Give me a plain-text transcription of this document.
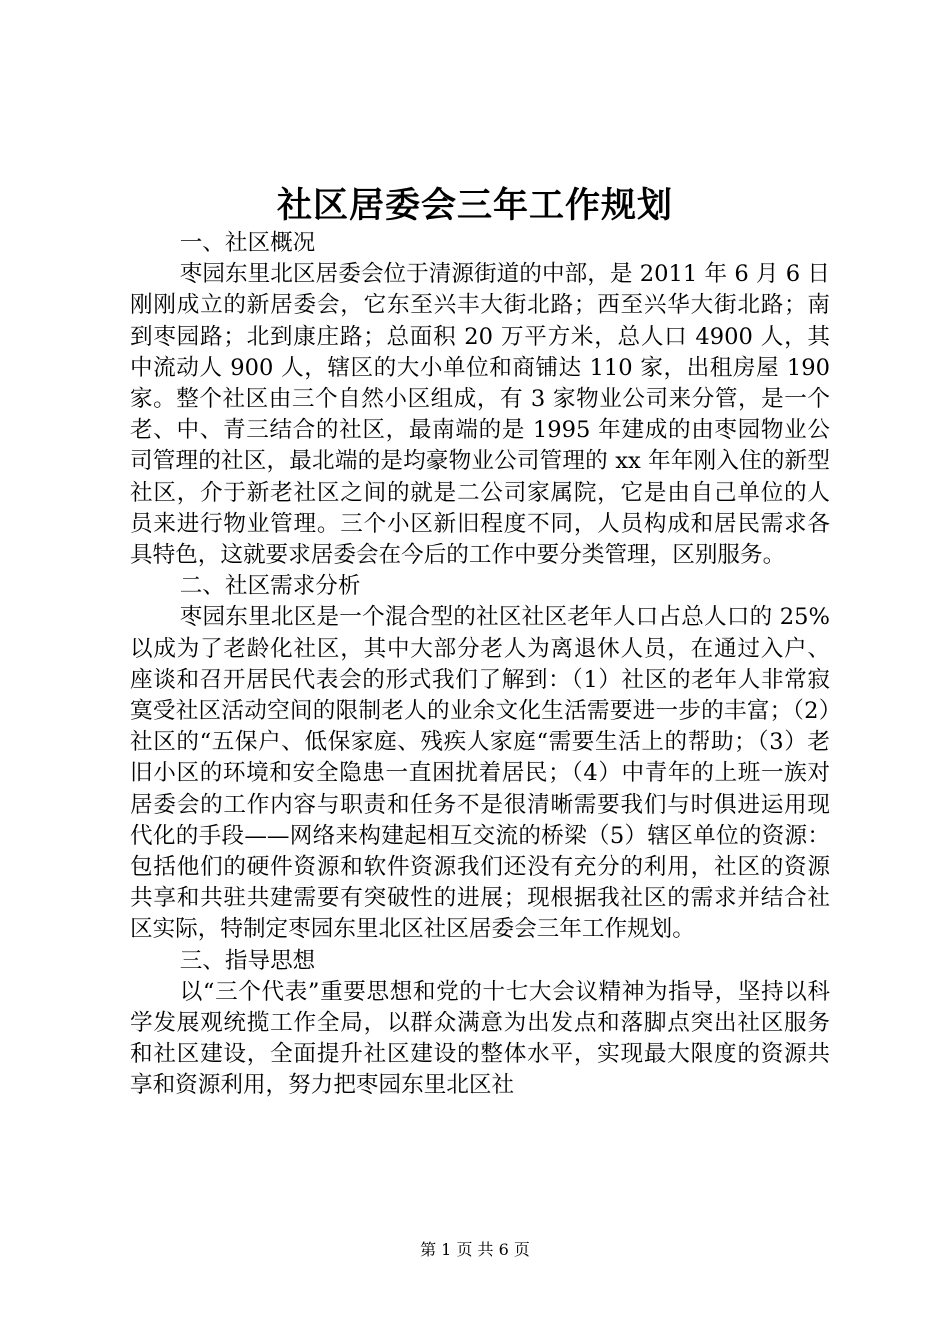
社区居委会三年工作规划

一、社区概况

枣园东里北区居委会位于清源街道的中部，是 2011 年 6 月 6 日刚刚成立的新居委会，它东至兴丰大街北路；西至兴华大街北路；南到枣园路；北到康庄路；总面积 20 万平方米，总人口 4900 人，其中流动人 900 人，辖区的大小单位和商铺达 110 家，出租房屋 190 家。整个社区由三个自然小区组成，有 3 家物业公司来分管，是一个老、中、青三结合的社区，最南端的是 1995 年建成的由枣园物业公司管理的社区，最北端的是均豪物业公司管理的 xx 年年刚入住的新型社区，介于新老社区之间的就是二公司家属院，它是由自己单位的人员来进行物业管理。三个小区新旧程度不同，人员构成和居民需求各具特色，这就要求居委会在今后的工作中要分类管理，区别服务。

二、社区需求分析

枣园东里北区是一个混合型的社区社区老年人口占总人口的 25%以成为了老龄化社区，其中大部分老人为离退休人员，在通过入户、座谈和召开居民代表会的形式我们了解到：（1）社区的老年人非常寂寞受社区活动空间的限制老人的业余文化生活需要进一步的丰富；（2）社区的“五保户、低保家庭、残疾人家庭“需要生活上的帮助；（3）老旧小区的环境和安全隐患一直困扰着居民；（4）中青年的上班一族对居委会的工作内容与职责和任务不是很清晰需要我们与时俱进运用现代化的手段——网络来构建起相互交流的桥梁（5）辖区单位的资源：包括他们的硬件资源和软件资源我们还没有充分的利用，社区的资源共享和共驻共建需要有突破性的进展；现根据我社区的需求并结合社区实际，特制定枣园东里北区社区居委会三年工作规划。

三、指导思想

以“三个代表”重要思想和党的十七大会议精神为指导，坚持以科学发展观统揽工作全局，以群众满意为出发点和落脚点突出社区服务和社区建设，全面提升社区建设的整体水平，实现最大限度的资源共享和资源利用，努力把枣园东里北区社

第 1 页 共 6 页
